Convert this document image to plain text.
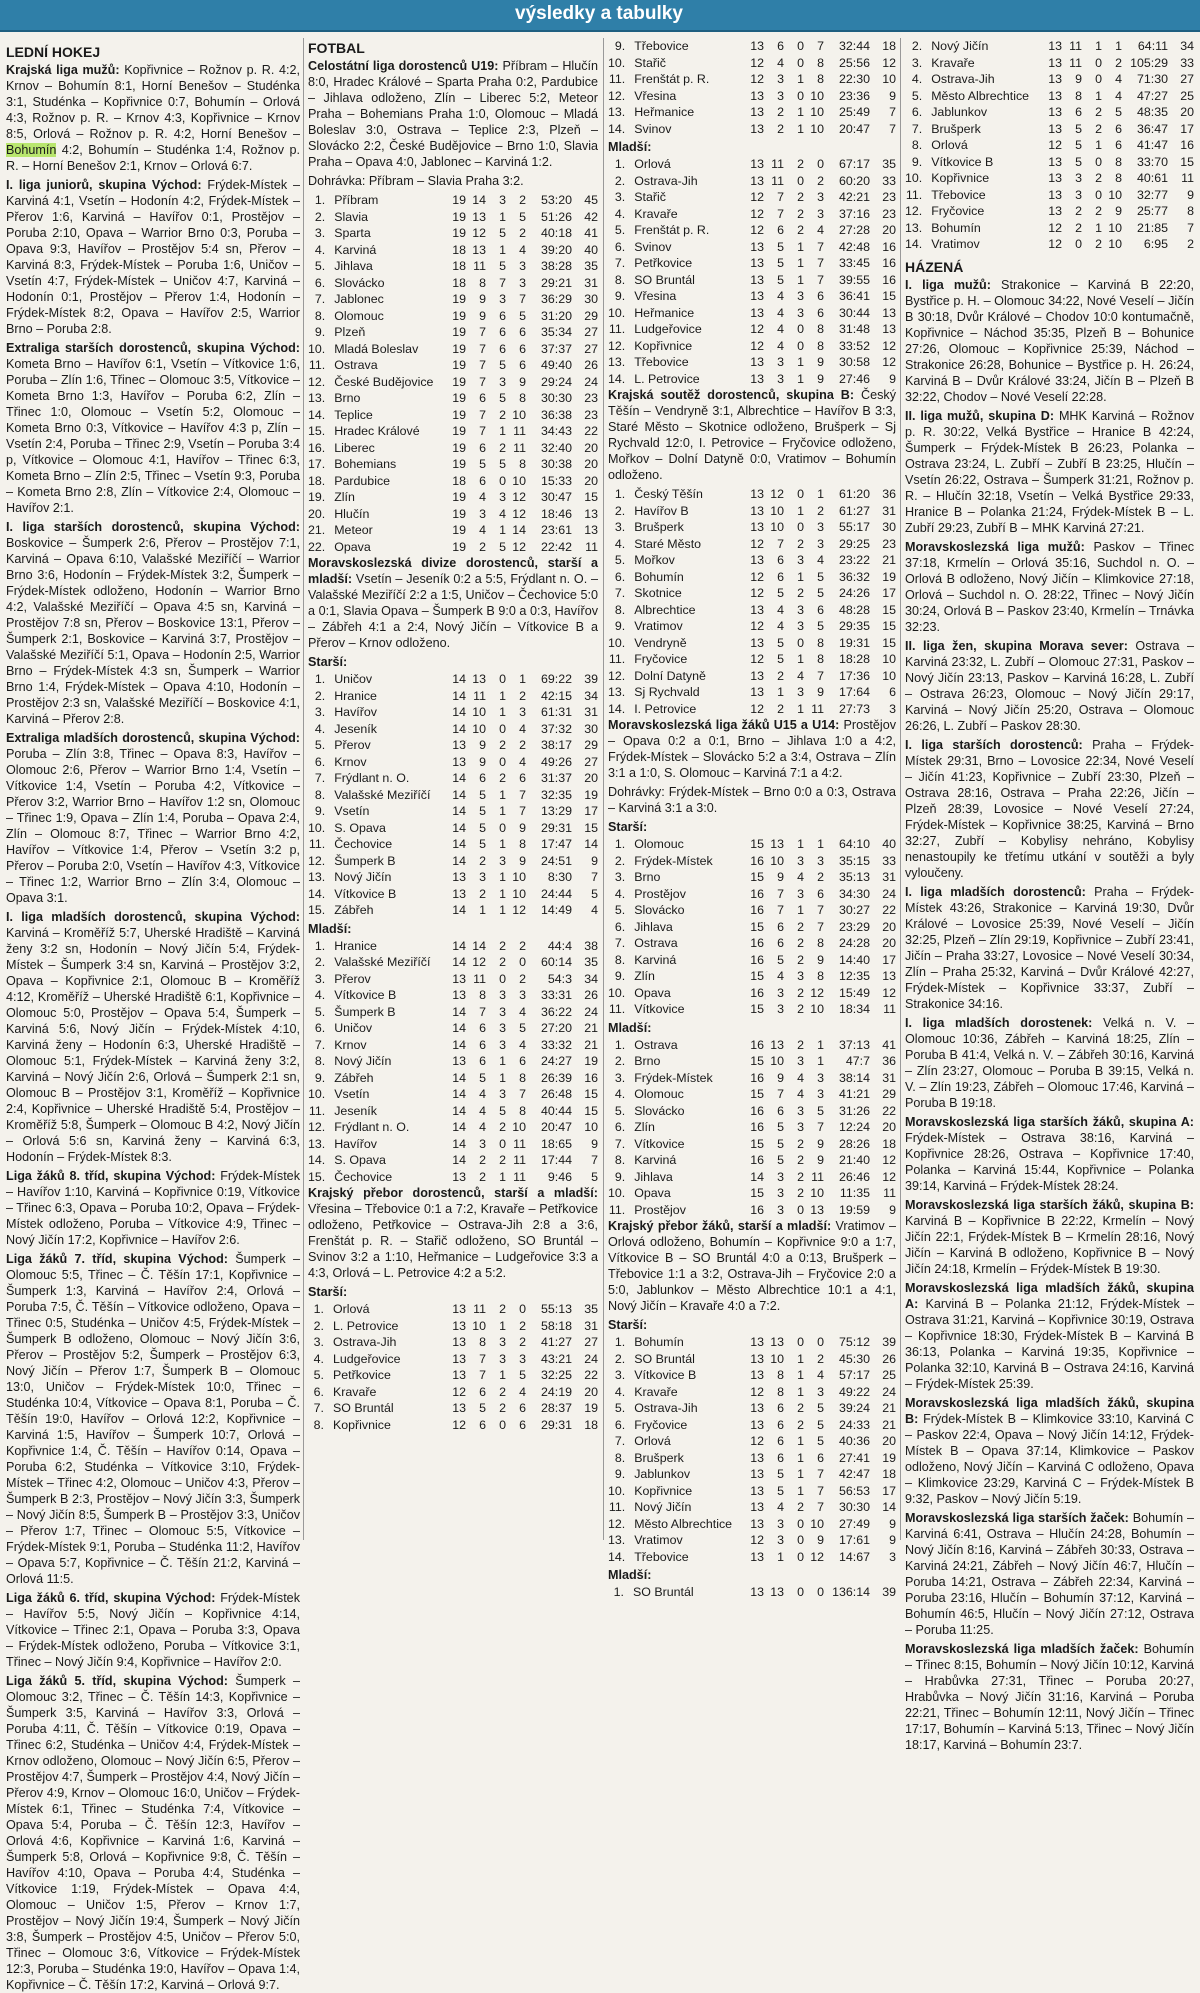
výsledky a tabulky
LEDNÍ HOKEJ

Krajská liga mužů: Kopřivnice – Rožnov p. R. 4:2, Krnov – Bohumín 8:1, Horní Benešov – Studénka 3:1, Studénka – Kopřivnice 0:7, Bohumín – Orlová 4:3, Rožnov p. R. – Krnov 4:3, Kopřivnice – Krnov 8:5, Orlová – Rožnov p. R. 4:2, Horní Benešov – Bohumín 4:2, Bohumín – Studénka 1:4, Rožnov p. R. – Horní Benešov 2:1, Krnov – Orlová 6:7.

I. liga juniorů, skupina Východ: Frýdek-Místek – Karviná 4:1, Vsetín – Hodonín 4:2, Frýdek-Místek – Přerov 1:6, Karviná – Havířov 0:1, Prostějov – Poruba 2:10, Opava – Warrior Brno 0:3, Poruba – Opava 9:3, Havířov – Prostějov 5:4 sn, Přerov – Karviná 8:3, Frýdek-Místek – Poruba 1:6, Uničov – Vsetín 4:7, Frýdek-Místek – Uničov 4:7, Karviná – Hodonín 0:1, Prostějov – Přerov 1:4, Hodonín – Frýdek-Místek 8:2, Opava – Havířov 2:5, Warrior Brno – Poruba 2:8.

Extraliga starších dorostenců, skupina Východ: Kometa Brno – Havířov 6:1, Vsetín – Vítkovice 1:6, Poruba – Zlín 1:6, Třinec – Olomouc 3:5, Vítkovice – Kometa Brno 1:3, Havířov – Poruba 6:2, Zlín – Třinec 1:0, Olomouc – Vsetín 5:2, Olomouc – Kometa Brno 0:3, Vítkovice – Havířov 4:3 p, Zlín – Vsetín 2:4, Poruba – Třinec 2:9, Vsetín – Poruba 3:4 p, Vítkovice – Olomouc 4:1, Havířov – Třinec 6:3, Kometa Brno – Zlín 2:5, Třinec – Vsetín 9:3, Poruba – Kometa Brno 2:8, Zlín – Vítkovice 2:4, Olomouc – Havířov 2:1.

I. liga starších dorostenců, skupina Východ: Boskovice – Šumperk 2:6, Přerov – Prostějov 7:1, Karviná – Opava 6:10, Valašské Meziříčí – Warrior Brno 3:6, Hodonín – Frýdek-Místek 3:2, Šumperk – Frýdek-Místek odloženo, Hodonín – Warrior Brno 4:2, Valašské Meziříčí – Opava 4:5 sn, Karviná – Prostějov 7:8 sn, Přerov – Boskovice 13:1, Přerov – Šumperk 2:1, Boskovice – Karviná 3:7, Prostějov – Valašské Meziříčí 5:1, Opava – Hodonín 2:5, Warrior Brno – Frýdek-Místek 4:3 sn, Šumperk – Warrior Brno 1:4, Frýdek-Místek – Opava 4:10, Hodonín – Prostějov 2:3 sn, Valašské Meziříčí – Boskovice 4:1, Karviná – Přerov 2:8.

Extraliga mladších dorostenců, skupina Východ: Poruba – Zlín 3:8, Třinec – Opava 8:3, Havířov – Olomouc 2:6, Přerov – Warrior Brno 1:4, Vsetín – Vítkovice 1:4, Vsetín – Poruba 4:2, Vítkovice – Přerov 3:2, Warrior Brno – Havířov 1:2 sn, Olomouc – Třinec 1:9, Opava – Zlín 1:4, Poruba – Opava 2:4, Zlín – Olomouc 8:7, Třinec – Warrior Brno 4:2, Havířov – Vítkovice 1:4, Přerov – Vsetín 3:2 p, Přerov – Poruba 2:0, Vsetín – Havířov 4:3, Vítkovice – Třinec 1:2, Warrior Brno – Zlín 3:4, Olomouc – Opava 3:1.

I. liga mladších dorostenců, skupina Východ: Karviná – Kroměříž 5:7, Uherské Hradiště – Karviná ženy 3:2 sn, Hodonín – Nový Jičín 5:4, Frýdek-Místek – Šumperk 3:4 sn, Karviná – Prostějov 3:2, Opava – Kopřivnice 2:1, Olomouc B – Kroměříž 4:12, Kroměříž – Uherské Hradiště 6:1, Kopřivnice – Olomouc 5:0, Prostějov – Opava 5:4, Šumperk – Karviná 5:6, Nový Jičín – Frýdek-Místek 4:10, Karviná ženy – Hodonín 6:3, Uherské Hradiště – Olomouc 5:1, Frýdek-Místek – Karviná ženy 3:2, Karviná – Nový Jičín 2:6, Orlová – Šumperk 2:1 sn, Olomouc B – Prostějov 3:1, Kroměříž – Kopřivnice 2:4, Kopřivnice – Uherské Hradiště 5:4, Prostějov – Kroměříž 5:8, Šumperk – Olomouc B 4:2, Nový Jičín – Orlová 5:6 sn, Karviná ženy – Karviná 6:3, Hodonín – Frýdek-Místek 8:3.

Liga žáků 8. tříd, skupina Východ: Frýdek-Místek – Havířov 1:10, Karviná – Kopřivnice 0:19, Vítkovice – Třinec 6:3, Opava – Poruba 10:2, Opava – Frýdek-Místek odloženo, Poruba – Vítkovice 4:9, Třinec – Nový Jičín 17:2, Kopřivnice – Havířov 2:6.

Liga žáků 7. tříd, skupina Východ: Šumperk – Olomouc 5:5, Třinec – Č. Těšín 17:1, Kopřivnice – Šumperk 1:3, Karviná – Havířov 2:4, Orlová – Poruba 7:5, Č. Těšín – Vítkovice odloženo, Opava – Třinec 0:5, Studénka – Uničov 4:5, Frýdek-Místek – Šumperk B odloženo, Olomouc – Nový Jičín 3:6, Přerov – Prostějov 5:2, Šumperk – Prostějov 6:3, Nový Jičín – Přerov 1:7, Šumperk B – Olomouc 13:0, Uničov – Frýdek-Místek 10:0, Třinec – Studénka 10:4, Vítkovice – Opava 8:1, Poruba – Č. Těšín 19:0, Havířov – Orlová 12:2, Kopřivnice – Karviná 1:5, Havířov – Šumperk 10:7, Orlová – Kopřivnice 1:4, Č. Těšín – Havířov 0:14, Opava – Poruba 6:2, Studénka – Vítkovice 3:10, Frýdek-Místek – Třinec 4:2, Olomouc – Uničov 4:3, Přerov – Šumperk B 2:3, Prostějov – Nový Jičín 3:3, Šumperk – Nový Jičín 8:5, Šumperk B – Prostějov 3:3, Uničov – Přerov 1:7, Třinec – Olomouc 5:5, Vítkovice – Frýdek-Místek 9:1, Poruba – Studénka 11:2, Havířov – Opava 5:7, Kopřivnice – Č. Těšín 21:2, Karviná – Orlová 11:5.

Liga žáků 6. tříd, skupina Východ: Frýdek-Místek – Havířov 5:5, Nový Jičín – Kopřivnice 4:14, Vítkovice – Třinec 2:1, Opava – Poruba 3:3, Opava – Frýdek-Místek odloženo, Poruba – Vítkovice 3:1, Třinec – Nový Jičín 9:4, Kopřivnice – Havířov 2:0.

Liga žáků 5. tříd, skupina Východ: Šumperk – Olomouc 3:2, Třinec – Č. Těšín 14:3, Kopřivnice – Šumperk 3:5, Karviná – Havířov 3:3, Orlová – Poruba 4:11, Č. Těšín – Vítkovice 0:19, Opava – Třinec 6:2, Studénka – Uničov 4:4, Frýdek-Místek – Krnov odloženo, Olomouc – Nový Jičín 6:5, Přerov – Prostějov 4:7, Šumperk – Prostějov 4:4, Nový Jičín – Přerov 4:9, Krnov – Olomouc 16:0, Uničov – Frýdek-Místek 6:1, Třinec – Studénka 7:4, Vítkovice – Opava 5:4, Poruba – Č. Těšín 12:3, Havířov – Orlová 4:6, Kopřivnice – Karviná 1:6, Karviná – Šumperk 5:8, Orlová – Kopřivnice 9:8, Č. Těšín – Havířov 4:10, Opava – Poruba 4:4, Studénka – Vítkovice 1:19, Frýdek-Místek – Opava 4:4, Olomouc – Uničov 1:5, Přerov – Krnov 1:7, Prostějov – Nový Jičín 19:4, Šumperk – Nový Jičín 3:8, Šumperk – Prostějov 4:5, Uničov – Přerov 5:0, Třinec – Olomouc 3:6, Vítkovice – Frýdek-Místek 12:3, Poruba – Studénka 19:0, Havířov – Opava 1:4, Kopřivnice – Č. Těšín 17:2, Karviná – Orlová 9:7.

FOTBAL

Celostátní liga dorostenců U19: Příbram – Hlučín 8:0, Hradec Králové – Sparta Praha 0:2, Pardubice – Jihlava odloženo, Zlín – Liberec 5:2, Meteor Praha – Bohemians Praha 1:0, Olomouc – Mladá Boleslav 3:0, Ostrava – Teplice 2:3, Plzeň – Slovácko 2:2, České Budějovice – Brno 1:0, Slavia Praha – Opava 4:0, Jablonec – Karviná 1:2.

Dohrávka: Příbram – Slavia Praha 3:2.

1.	Příbram	19	14	3	2	53:20	45
2.	Slavia	19	13	1	5	51:26	42
3.	Sparta	19	12	5	2	40:18	41
4.	Karviná	18	13	1	4	39:20	40
5.	Jihlava	18	11	5	3	38:28	35
6.	Slovácko	18	8	7	3	29:21	31
7.	Jablonec	19	9	3	7	36:29	30
8.	Olomouc	19	9	6	5	31:20	29
9.	Plzeň	19	7	6	6	35:34	27
10.	Mladá Boleslav	19	7	6	6	37:37	27
11.	Ostrava	19	7	5	6	49:40	26
12.	České Budějovice	19	7	3	9	29:24	24
13.	Brno	19	6	5	8	30:30	23
14.	Teplice	19	7	2	10	36:38	23
15.	Hradec Králové	19	7	1	11	34:43	22
16.	Liberec	19	6	2	11	32:40	20
17.	Bohemians	19	5	5	8	30:38	20
18.	Pardubice	18	6	0	10	15:33	20
19.	Zlín	19	4	3	12	30:47	15
20.	Hlučín	19	3	4	12	18:46	13
21.	Meteor	19	4	1	14	23:61	13
22.	Opava	19	2	5	12	22:42	11

Moravskoslezská divize dorostenců, starší a mladší: Vsetín – Jeseník 0:2 a 5:5, Frýdlant n. O. – Valašské Meziříčí 2:2 a 1:5, Uničov – Čechovice 5:0 a 0:1, Slavia Opava – Šumperk B 9:0 a 0:3, Havířov – Zábřeh 4:1 a 2:4, Nový Jičín – Vítkovice B a Přerov – Krnov odloženo.

Starší:
1.	Uničov	14	13	0	1	69:22	39
2.	Hranice	14	11	1	2	42:15	34
3.	Havířov	14	10	1	3	61:31	31
4.	Jeseník	14	10	0	4	37:32	30
5.	Přerov	13	9	2	2	38:17	29
6.	Krnov	13	9	0	4	49:26	27
7.	Frýdlant n. O.	14	6	2	6	31:37	20
8.	Valašské Meziříčí	14	5	1	7	32:35	19
9.	Vsetín	14	5	1	7	13:29	17
10.	S. Opava	14	5	0	9	29:31	15
11.	Čechovice	14	5	1	8	17:47	14
12.	Šumperk B	14	2	3	9	24:51	9
13.	Nový Jičín	13	3	1	10	8:30	7
14.	Vítkovice B	13	2	1	10	24:44	5
15.	Zábřeh	14	1	1	12	14:49	4
Mladší:
1.	Hranice	14	14	2	2	44:4	38
2.	Valašské Meziříčí	14	12	2	0	60:14	35
3.	Přerov	13	11	0	2	54:3	34
4.	Vítkovice B	13	8	3	3	33:31	26
5.	Šumperk B	14	7	3	4	36:22	24
6.	Uničov	14	6	3	5	27:20	21
7.	Krnov	14	6	3	4	33:32	21
8.	Nový Jičín	13	6	1	6	24:27	19
9.	Zábřeh	14	5	1	8	26:39	16
10.	Vsetín	14	4	3	7	26:48	15
11.	Jeseník	14	4	5	8	40:44	15
12.	Frýdlant n. O.	14	4	2	10	20:47	10
13.	Havířov	14	3	0	11	18:65	9
14.	S. Opava	14	2	2	11	17:44	7
15.	Čechovice	13	2	1	11	9:46	5

Krajský přebor dorostenců, starší a mladší: Vřesina – Třebovice 0:1 a 7:2, Kravaře – Petřkovice odloženo, Petřkovice – Ostrava-Jih 2:8 a 3:6, Frenštát p. R. – Stařič odloženo, SO Bruntál – Svinov 3:2 a 1:10, Heřmanice – Ludgeřovice 3:3 a 4:3, Orlová – L. Petrovice 4:2 a 5:2.

Starší:
1.	Orlová	13	11	2	0	55:13	35
2.	L. Petrovice	13	10	1	2	58:18	31
3.	Ostrava-Jih	13	8	3	2	41:27	27
4.	Ludgeřovice	13	7	3	3	43:21	24
5.	Petřkovice	13	7	1	5	32:25	22
6.	Kravaře	12	6	2	4	24:19	20
7.	SO Bruntál	13	5	2	6	28:37	19
8.	Kopřivnice	12	6	0	6	29:31	18
9.	Třebovice	13	6	0	7	32:44	18
10.	Stařič	12	4	0	8	25:56	12
11.	Frenštát p. R.	12	3	1	8	22:30	10
12.	Vřesina	13	3	0	10	23:36	9
13.	Heřmanice	13	2	1	10	25:49	7
14.	Svinov	13	2	1	10	20:47	7
Mladší:
1.	Orlová	13	11	2	0	67:17	35
2.	Ostrava-Jih	13	11	0	2	60:20	33
3.	Stařič	12	7	2	3	42:21	23
4.	Kravaře	12	7	2	3	37:16	23
5.	Frenštát p. R.	12	6	2	4	27:28	20
6.	Svinov	13	5	1	7	42:48	16
7.	Petřkovice	13	5	1	7	33:45	16
8.	SO Bruntál	13	5	1	7	39:55	16
9.	Vřesina	13	4	3	6	36:41	15
10.	Heřmanice	13	4	3	6	30:44	13
11.	Ludgeřovice	12	4	0	8	31:48	13
12.	Kopřivnice	12	4	0	8	33:52	12
13.	Třebovice	13	3	1	9	30:58	12
14.	L. Petrovice	13	3	1	9	27:46	9

Krajská soutěž dorostenců, skupina B: Český Těšín – Vendryně 3:1, Albrechtice – Havířov B 3:3, Staré Město – Skotnice odloženo, Brušperk – Sj Rychvald 12:0, I. Petrovice – Fryčovice odloženo, Mořkov – Dolní Datyně 0:0, Vratimov – Bohumín odloženo.

1.	Český Těšín	13	12	0	1	61:20	36
2.	Havířov B	13	10	1	2	61:27	31
3.	Brušperk	13	10	0	3	55:17	30
4.	Staré Město	12	7	2	3	29:25	23
5.	Mořkov	13	6	3	4	23:22	21
6.	Bohumín	12	6	1	5	36:32	19
7.	Skotnice	12	5	2	5	24:26	17
8.	Albrechtice	13	4	3	6	48:28	15
9.	Vratimov	12	4	3	5	29:35	15
10.	Vendryně	13	5	0	8	19:31	15
11.	Fryčovice	12	5	1	8	18:28	10
12.	Dolní Datyně	13	2	4	7	17:36	10
13.	Sj Rychvald	13	1	3	9	17:64	6
14.	I. Petrovice	12	2	1	11	27:73	3

Moravskoslezská liga žáků U15 a U14: Prostějov – Opava 0:2 a 0:1, Brno – Jihlava 1:0 a 4:2, Frýdek-Místek – Slovácko 5:2 a 3:4, Ostrava – Zlín 3:1 a 1:0, S. Olomouc – Karviná 7:1 a 4:2.

Dohrávky: Frýdek-Místek – Brno 0:0 a 0:3, Ostrava – Karviná 3:1 a 3:0.

Starší:
1.	Olomouc	15	13	1	1	64:10	40
2.	Frýdek-Místek	16	10	3	3	35:15	33
3.	Brno	15	9	4	2	35:13	31
4.	Prostějov	16	7	3	6	34:30	24
5.	Slovácko	16	7	1	7	30:27	22
6.	Jihlava	15	6	2	7	23:29	20
7.	Ostrava	16	6	2	8	24:28	20
8.	Karviná	16	5	2	9	14:40	17
9.	Zlín	15	4	3	8	12:35	13
10.	Opava	16	3	2	12	15:49	12
11.	Vítkovice	15	3	2	10	18:34	11
Mladší:
1.	Ostrava	16	13	2	1	37:13	41
2.	Brno	15	10	3	1	47:7	36
3.	Frýdek-Místek	16	9	4	3	38:14	31
4.	Olomouc	15	7	4	3	41:21	29
5.	Slovácko	16	6	3	5	31:26	22
6.	Zlín	16	5	3	7	12:24	20
7.	Vítkovice	15	5	2	9	28:26	18
8.	Karviná	16	5	2	9	21:40	12
9.	Jihlava	14	3	2	11	26:46	12
10.	Opava	15	3	2	10	11:35	11
11.	Prostějov	16	3	0	13	19:59	9

Krajský přebor žáků, starší a mladší: Vratimov – Orlová odloženo, Bohumín – Kopřivnice 9:0 a 1:7, Vítkovice B – SO Bruntál 4:0 a 0:13, Brušperk – Třebovice 1:1 a 3:2, Ostrava-Jih – Fryčovice 2:0 a 5:0, Jablunkov – Město Albrechtice 10:1 a 4:1, Nový Jičín – Kravaře 4:0 a 7:2.

Starší:
1.	Bohumín	13	13	0	0	75:12	39
2.	SO Bruntál	13	10	1	2	45:30	26
3.	Vítkovice B	13	8	1	4	57:17	25
4.	Kravaře	12	8	1	3	49:22	24
5.	Ostrava-Jih	13	6	2	5	39:24	21
6.	Fryčovice	13	6	2	5	24:33	21
7.	Orlová	12	6	1	5	40:36	20
8.	Brušperk	13	6	1	6	27:41	19
9.	Jablunkov	13	5	1	7	42:47	18
10.	Kopřivnice	13	5	1	7	56:53	17
11.	Nový Jičín	13	4	2	7	30:30	14
12.	Město Albrechtice	13	3	0	10	27:49	9
13.	Vratimov	12	3	0	9	17:61	9
14.	Třebovice	13	1	0	12	14:67	3
Mladší:
1.	SO Bruntál	13	13	0	0	136:14	39
2.	Nový Jičín	13	11	1	1	64:11	34
3.	Kravaře	13	11	0	2	105:29	33
4.	Ostrava-Jih	13	9	0	4	71:30	27
5.	Město Albrechtice	13	8	1	4	47:27	25
6.	Jablunkov	13	6	2	5	48:35	20
7.	Brušperk	13	5	2	6	36:47	17
8.	Orlová	12	5	1	6	41:47	16
9.	Vítkovice B	13	5	0	8	33:70	15
10.	Kopřivnice	13	3	2	8	40:61	11
11.	Třebovice	13	3	0	10	32:77	9
12.	Fryčovice	13	2	2	9	25:77	8
13.	Bohumín	12	2	1	10	21:85	7
14.	Vratimov	12	0	2	10	6:95	2
HÁZENÁ

I. liga mužů: Strakonice – Karviná B 22:20, Bystřice p. H. – Olomouc 34:22, Nové Veselí – Jičín B 30:18, Dvůr Králové – Chodov 10:0 kontumačně, Kopřivnice – Náchod 35:35, Plzeň B – Bohunice 27:26, Olomouc – Kopřivnice 25:39, Náchod – Strakonice 26:28, Bohunice – Bystřice p. H. 26:24, Karviná B – Dvůr Králové 33:24, Jičín B – Plzeň B 32:22, Chodov – Nové Veselí 22:28.

II. liga mužů, skupina D: MHK Karviná – Rožnov p. R. 30:22, Velká Bystřice – Hranice B 42:24, Šumperk – Frýdek-Místek B 26:23, Polanka – Ostrava 23:24, L. Zubří – Zubří B 23:25, Hlučín – Vsetín 26:22, Ostrava – Šumperk 31:21, Rožnov p. R. – Hlučín 32:18, Vsetín – Velká Bystřice 29:33, Hranice B – Polanka 21:24, Frýdek-Místek B – L. Zubří 29:23, Zubří B – MHK Karviná 27:21.

Moravskoslezská liga mužů: Paskov – Třinec 37:18, Krmelín – Orlová 35:16, Suchdol n. O. – Orlová B odloženo, Nový Jičín – Klimkovice 27:18, Orlová – Suchdol n. O. 28:22, Třinec – Nový Jičín 30:24, Orlová B – Paskov 23:40, Krmelín – Trnávka 32:23.

II. liga žen, skupina Morava sever: Ostrava – Karviná 23:32, L. Zubří – Olomouc 27:31, Paskov – Nový Jičín 23:13, Paskov – Karviná 16:28, L. Zubří – Ostrava 26:23, Olomouc – Nový Jičín 29:17, Karviná – Nový Jičín 25:20, Ostrava – Olomouc 26:26, L. Zubří – Paskov 28:30.

I. liga starších dorostenců: Praha – Frýdek-Místek 29:31, Brno – Lovosice 22:34, Nové Veselí – Jičín 41:23, Kopřivnice – Zubří 23:30, Plzeň – Ostrava 28:16, Ostrava – Praha 22:26, Jičín – Plzeň 28:39, Lovosice – Nové Veselí 27:24, Frýdek-Místek – Kopřivnice 38:25, Karviná – Brno 32:27, Zubří – Kobylisy nehráno, Kobylisy nenastoupily ke třetímu utkání v soutěži a byly vyloučeny.

I. liga mladších dorostenců: Praha – Frýdek-Místek 43:26, Strakonice – Karviná 19:30, Dvůr Králové – Lovosice 25:39, Nové Veselí – Jičín 32:25, Plzeň – Zlín 29:19, Kopřivnice – Zubří 23:41, Jičín – Praha 33:27, Lovosice – Nové Veselí 30:34, Zlín – Praha 25:32, Karviná – Dvůr Králové 42:27, Frýdek-Místek – Kopřivnice 33:37, Zubří – Strakonice 34:16.

I. liga mladších dorostenek: Velká n. V. – Olomouc 10:36, Zábřeh – Karviná 18:25, Zlín – Poruba B 41:4, Velká n. V. – Zábřeh 30:16, Karviná – Zlín 23:27, Olomouc – Poruba B 39:15, Velká n. V. – Zlín 19:23, Zábřeh – Olomouc 17:46, Karviná – Poruba B 19:18.

Moravskoslezská liga starších žáků, skupina A: Frýdek-Místek – Ostrava 38:16, Karviná – Kopřivnice 28:26, Ostrava – Kopřivnice 17:40, Polanka – Karviná 15:44, Kopřivnice – Polanka 39:14, Karviná – Frýdek-Místek 28:24.

Moravskoslezská liga starších žáků, skupina B: Karviná B – Kopřivnice B 22:22, Krmelín – Nový Jičín 22:1, Frýdek-Místek B – Krmelín 28:16, Nový Jičín – Karviná B odloženo, Kopřivnice B – Nový Jičín 24:18, Krmelín – Frýdek-Místek B 19:30.

Moravskoslezská liga mladších žáků, skupina A: Karviná B – Polanka 21:12, Frýdek-Místek – Ostrava 31:21, Karviná – Kopřivnice 30:19, Ostrava – Kopřivnice 18:30, Frýdek-Místek B – Karviná B 36:13, Polanka – Karviná 19:35, Kopřivnice – Polanka 32:10, Karviná B – Ostrava 24:16, Karviná – Frýdek-Místek 25:39.

Moravskoslezská liga mladších žáků, skupina B: Frýdek-Místek B – Klimkovice 33:10, Karviná C – Paskov 22:4, Opava – Nový Jičín 14:12, Frýdek-Místek B – Opava 37:14, Klimkovice – Paskov odloženo, Nový Jičín – Karviná C odloženo, Opava – Klimkovice 23:29, Karviná C – Frýdek-Místek B 9:32, Paskov – Nový Jičín 5:19.

Moravskoslezská liga starších žaček: Bohumín – Karviná 6:41, Ostrava – Hlučín 24:28, Bohumín – Nový Jičín 8:16, Karviná – Zábřeh 30:33, Ostrava – Karviná 24:21, Zábřeh – Nový Jičín 46:7, Hlučín – Poruba 14:21, Ostrava – Zábřeh 22:34, Karviná – Poruba 23:16, Hlučín – Bohumín 37:12, Karviná – Bohumín 46:5, Hlučín – Nový Jičín 27:12, Ostrava – Poruba 11:25.

Moravskoslezská liga mladších žaček: Bohumín – Třinec 8:15, Bohumín – Nový Jičín 10:12, Karviná – Hrabůvka 27:31, Třinec – Poruba 20:27, Hrabůvka – Nový Jičín 31:16, Karviná – Poruba 22:21, Třinec – Bohumín 12:11, Nový Jičín – Třinec 17:17, Bohumín – Karviná 5:13, Třinec – Nový Jičín 18:17, Karviná – Bohumín 23:7.
